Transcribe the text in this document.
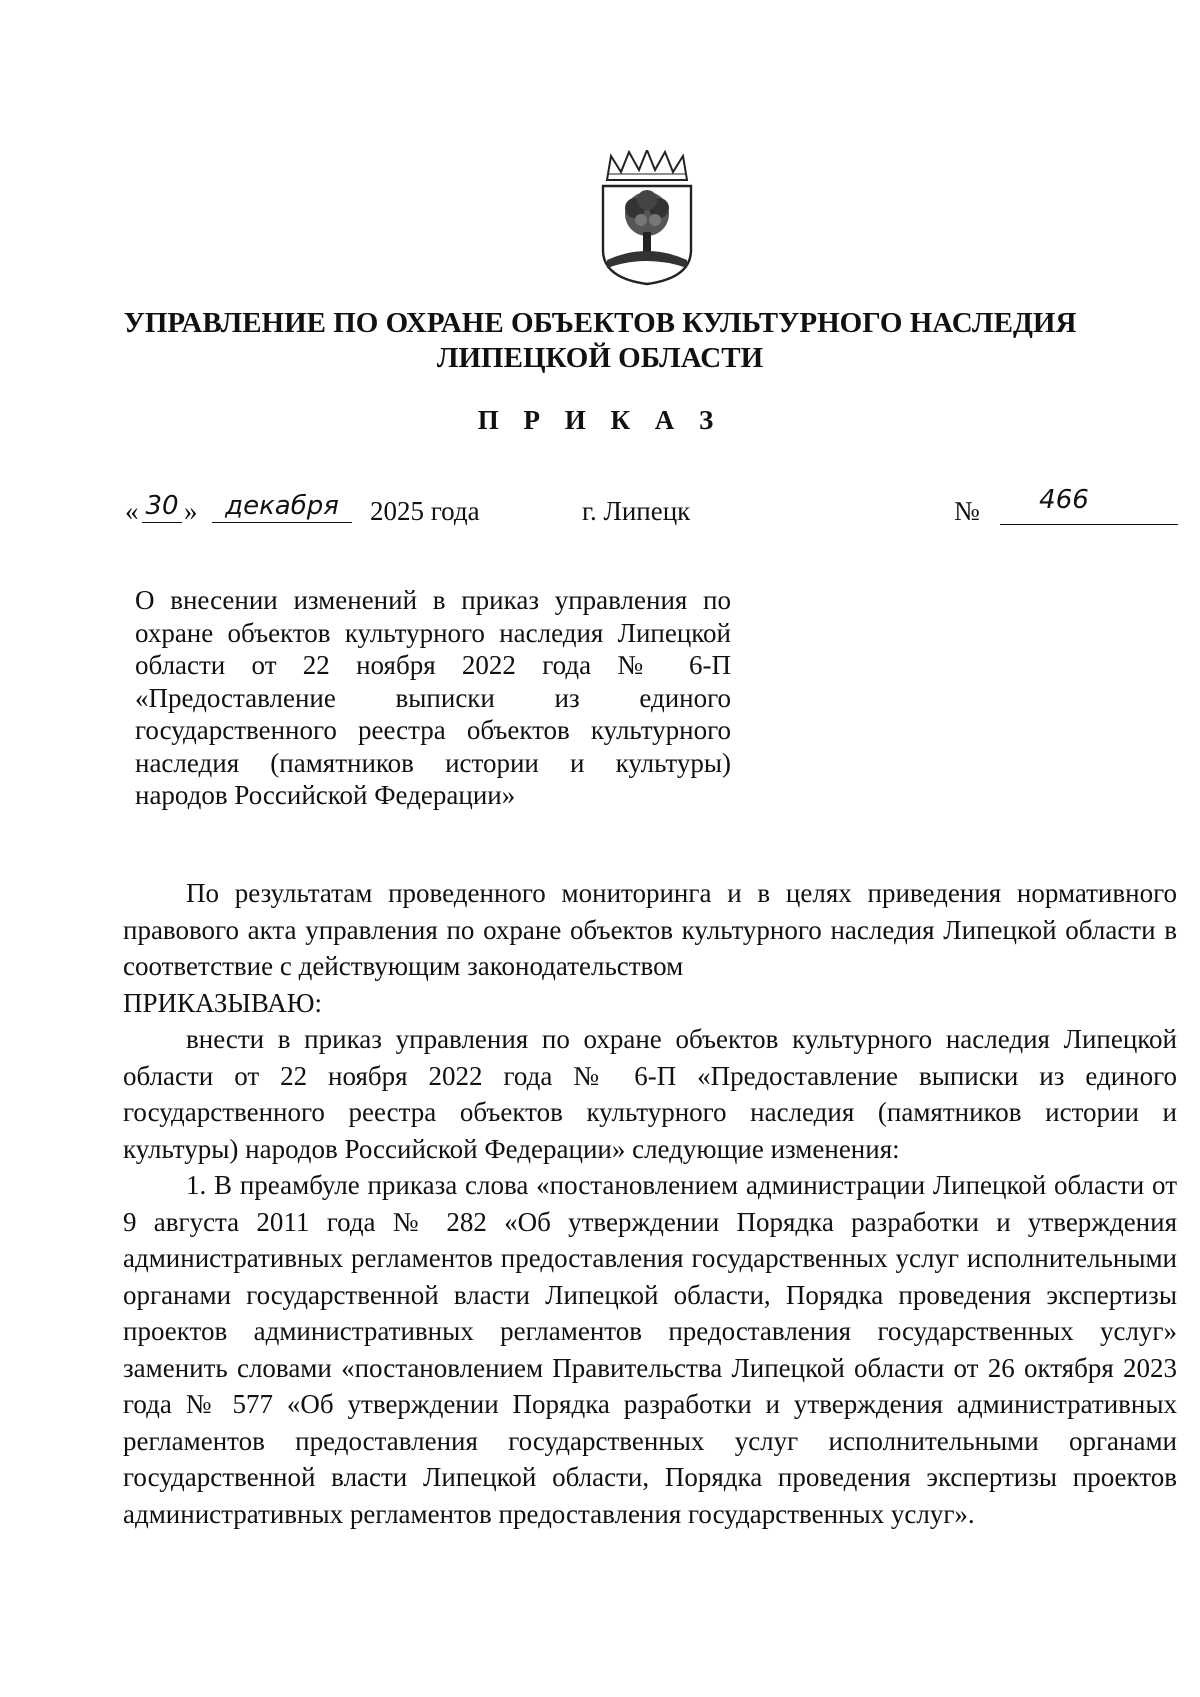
УПРАВЛЕНИЕ ПО ОХРАНЕ ОБЪЕКТОВ КУЛЬТУРНОГО НАСЛЕДИЯ
ЛИПЕЦКОЙ ОБЛАСТИ
П Р И К А З
« 30 »	декабря	2025 года	г. Липецк	№	466
О внесении изменений в приказ управления по охране объектов культурного наследия Липецкой области от 22 ноября 2022 года № 6-П «Предоставление выписки из единого государственного реестра объектов культурного наследия (памятников истории и культуры) народов Российской Федерации»

По результатам проведенного мониторинга и в целях приведения нормативного правового акта управления по охране объектов культурного наследия Липецкой области в соответствие с действующим законодательством

ПРИКАЗЫВАЮ:

внести в приказ управления по охране объектов культурного наследия Липецкой области от 22 ноября 2022 года № 6-П «Предоставление выписки из единого государственного реестра объектов культурного наследия (памятников истории и культуры) народов Российской Федерации» следующие изменения:

1. В преамбуле приказа слова «постановлением администрации Липецкой области от 9 августа 2011 года № 282 «Об утверждении Порядка разработки и утверждения административных регламентов предоставления государственных услуг исполнительными органами государственной власти Липецкой области, Порядка проведения экспертизы проектов административных регламентов предоставления государственных услуг» заменить словами «постановлением Правительства Липецкой области от 26 октября 2023 года № 577 «Об утверждении Порядка разработки и утверждения административных регламентов предоставления государственных услуг исполнительными органами государственной власти Липецкой области, Порядка проведения экспертизы проектов административных регламентов предоставления государственных услуг».
